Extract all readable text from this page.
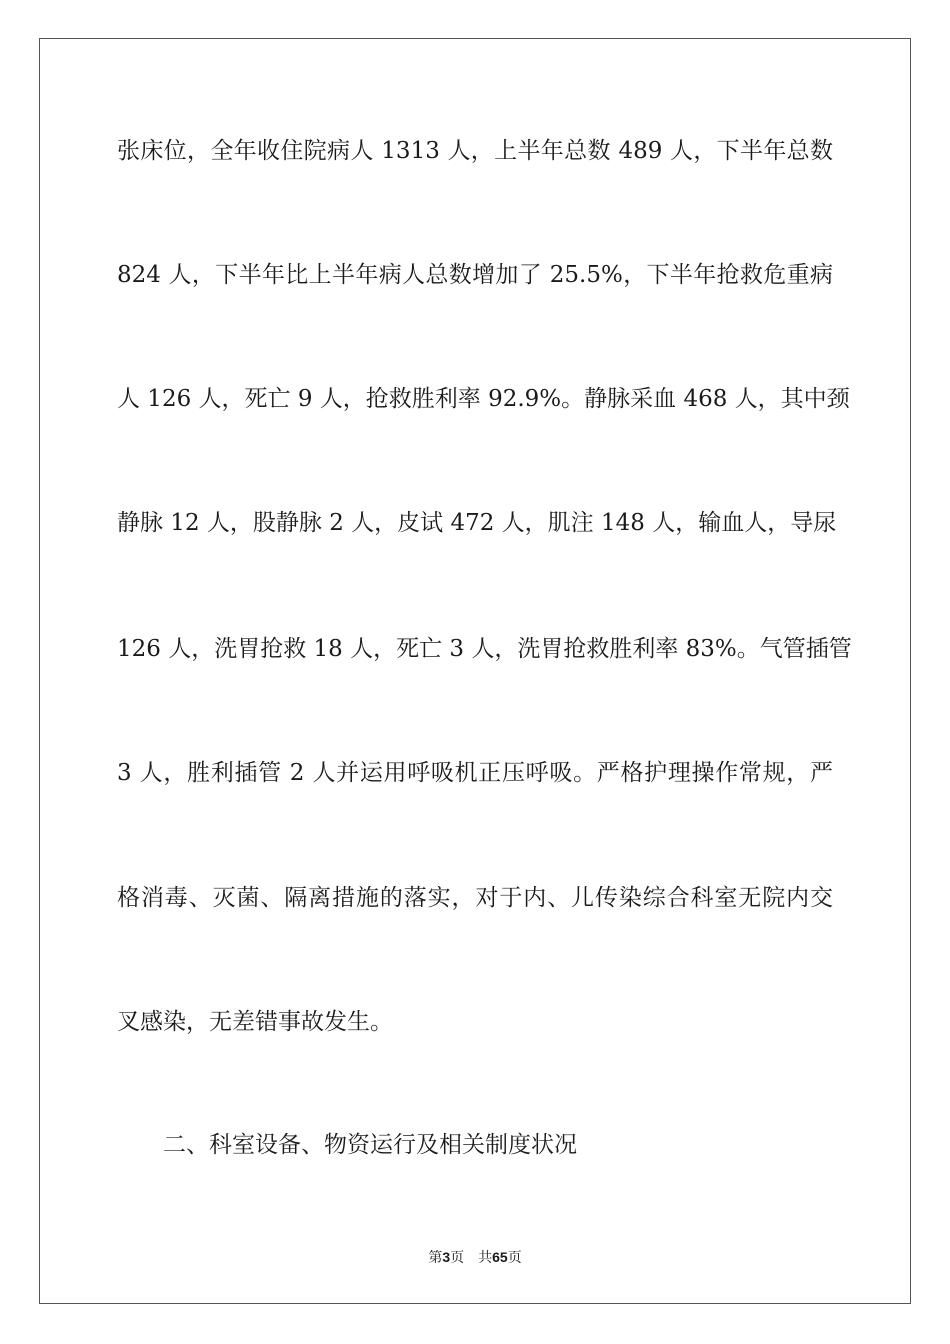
张床位，全年收住院病人 1313 人，上半年总数 489 人，下半年总数
824 人，下半年比上半年病人总数增加了 25.5%，下半年抢救危重病
人 126 人，死亡 9 人，抢救胜利率 92.9%。静脉采血 468 人，其中颈
静脉 12 人，股静脉 2 人，皮试 472 人，肌注 148 人，输血人，导尿
126 人，洗胃抢救 18 人，死亡 3 人，洗胃抢救胜利率 83%。气管插管
3 人，胜利插管 2 人并运用呼吸机正压呼吸。严格护理操作常规，严
格消毒、灭菌、隔离措施的落实，对于内、儿传染综合科室无院内交
叉感染，无差错事故发生。
二、科室设备、物资运行及相关制度状况
第3页 共65页
